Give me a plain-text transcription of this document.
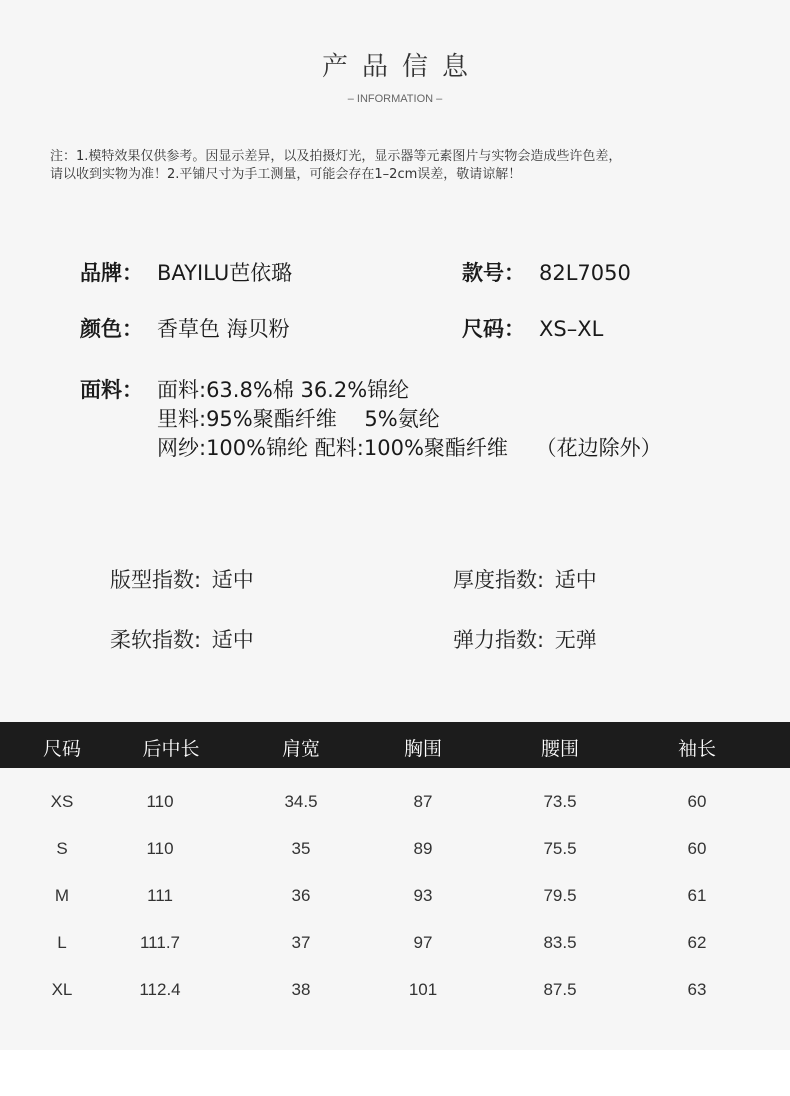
产品信息
– INFORMATION –
注：1.模特效果仅供参考。因显示差异，以及拍摄灯光，显示器等元素图片与实物会造成些许色差，
请以收到实物为准！2.平铺尺寸为手工测量，可能会存在1–2cm误差，敬请谅解！
品牌： BAYILU芭依璐	款号： 82L7050
颜色： 香草色 海贝粉	尺码： XS–XL
面料： 面料:63.8%棉 36.2%锦纶
里料:95%聚酯纤维　 5%氨纶
网纱:100%锦纶 配料:100%聚酯纤维　 （花边除外）
版型指数: 适中	厚度指数: 适中
柔软指数: 适中	弹力指数: 无弹
尺码	后中长	肩宽	胸围	腰围	袖长
XS	110	34.5	87	73.5	60
S	110	35	89	75.5	60
M	111	36	93	79.5	61
L	111.7	37	97	83.5	62
XL	112.4	38	101	87.5	63
